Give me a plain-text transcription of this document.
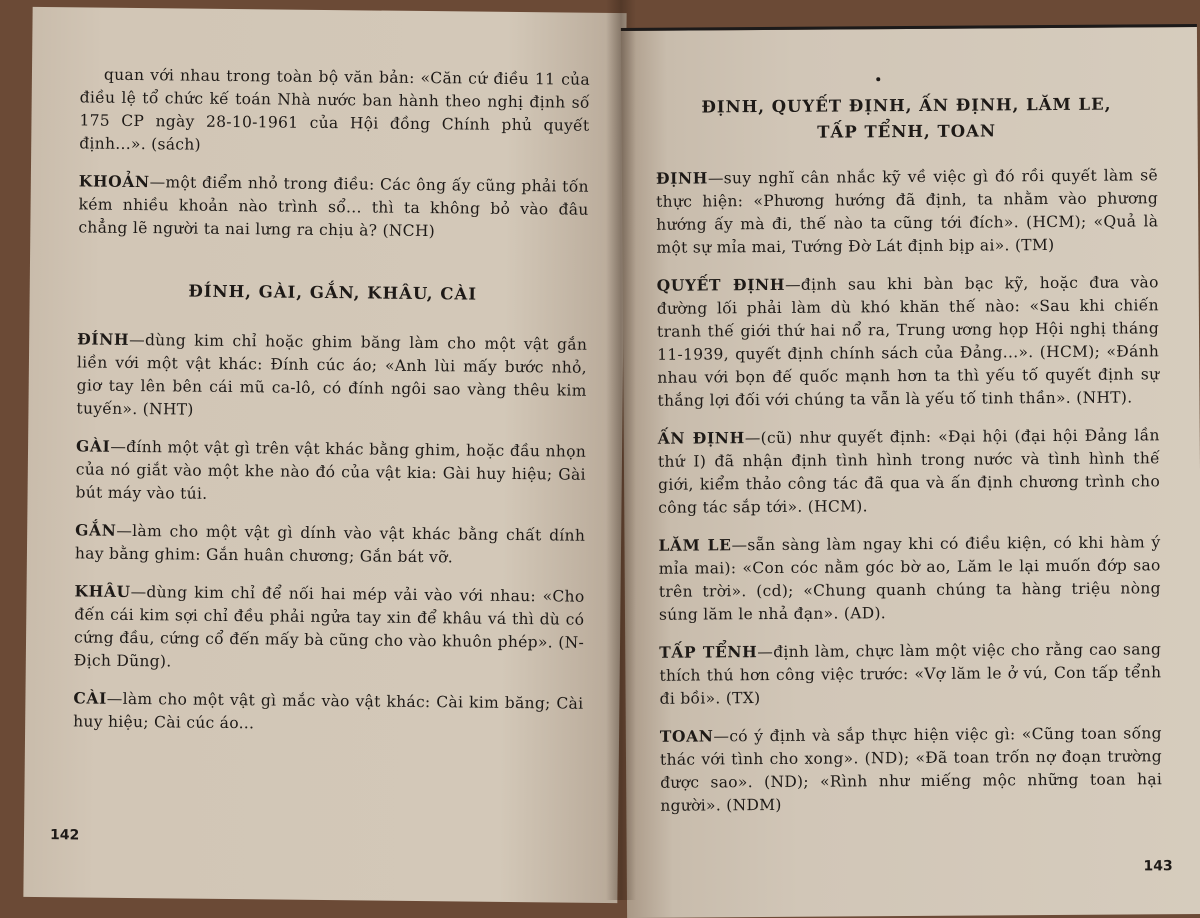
quan với nhau trong toàn bộ văn bản: «Căn cứ điều 11 của điều lệ tổ chức kế toán Nhà nước ban hành theo nghị định số 175 CP ngày 28-10-1961 của Hội đồng Chính phủ quyết định...». (sách)

KHOẢN—một điểm nhỏ trong điều: Các ông ấy cũng phải tốn kém nhiều khoản nào trình sổ... thì ta không bỏ vào đâu chẳng lẽ người ta nai lưng ra chịu à? (NCH)

ĐÍNH, GÀI, GẮN, KHÂU, CÀI

ĐÍNH—dùng kim chỉ hoặc ghim băng làm cho một vật gắn liền với một vật khác: Đính cúc áo; «Anh lùi mấy bước nhỏ, giơ tay lên bên cái mũ ca-lô, có đính ngôi sao vàng thêu kim tuyến». (NHT)

GÀI—đính một vật gì trên vật khác bằng ghim, hoặc đầu nhọn của nó giắt vào một khe nào đó của vật kia: Gài huy hiệu; Gài bút máy vào túi.

GẮN—làm cho một vật gì dính vào vật khác bằng chất dính hay bằng ghim: Gắn huân chương; Gắn bát vỡ.

KHÂU—dùng kim chỉ để nối hai mép vải vào với nhau: «Cho đến cái kim sợi chỉ đều phải ngửa tay xin để khâu vá thì dù có cứng đầu, cứng cổ đến mấy bà cũng cho vào khuôn phép». (N-Địch Dũng).

CÀI—làm cho một vật gì mắc vào vật khác: Cài kim băng; Cài huy hiệu; Cài cúc áo...

142
ĐỊNH, QUYẾT ĐỊNH, ẤN ĐỊNH, LĂM LE,
TẤP TỂNH, TOAN

ĐỊNH—suy nghĩ cân nhắc kỹ về việc gì đó rồi quyết làm sẽ thực hiện: «Phương hướng đã định, ta nhằm vào phương hướng ấy mà đi, thế nào ta cũng tới đích». (HCM); «Quả là một sự mỉa mai, Tướng Đờ Lát định bịp ai». (TM)

QUYẾT ĐỊNH—định sau khi bàn bạc kỹ, hoặc đưa vào đường lối phải làm dù khó khăn thế nào: «Sau khi chiến tranh thế giới thứ hai nổ ra, Trung ương họp Hội nghị tháng 11-1939, quyết định chính sách của Đảng...». (HCM); «Đánh nhau với bọn đế quốc mạnh hơn ta thì yếu tố quyết định sự thắng lợi đối với chúng ta vẫn là yếu tố tinh thần». (NHT).

ẤN ĐỊNH—(cũ) như quyết định: «Đại hội (đại hội Đảng lần thứ I) đã nhận định tình hình trong nước và tình hình thế giới, kiểm thảo công tác đã qua và ấn định chương trình cho công tác sắp tới». (HCM).

LĂM LE—sẵn sàng làm ngay khi có điều kiện, có khi hàm ý mỉa mai): «Con cóc nằm góc bờ ao, Lăm le lại muốn đớp sao trên trời». (cd); «Chung quanh chúng ta hàng triệu nòng súng lăm le nhả đạn». (AD).

TẤP TỂNH—định làm, chực làm một việc cho rằng cao sang thích thú hơn công việc trước: «Vợ lăm le ở vú, Con tấp tểnh đi bồi». (TX)

TOAN—có ý định và sắp thực hiện việc gì: «Cũng toan sống thác với tình cho xong». (ND); «Đã toan trốn nợ đoạn trường được sao». (ND); «Rình như miếng mộc những toan hại người». (NDM)

143
